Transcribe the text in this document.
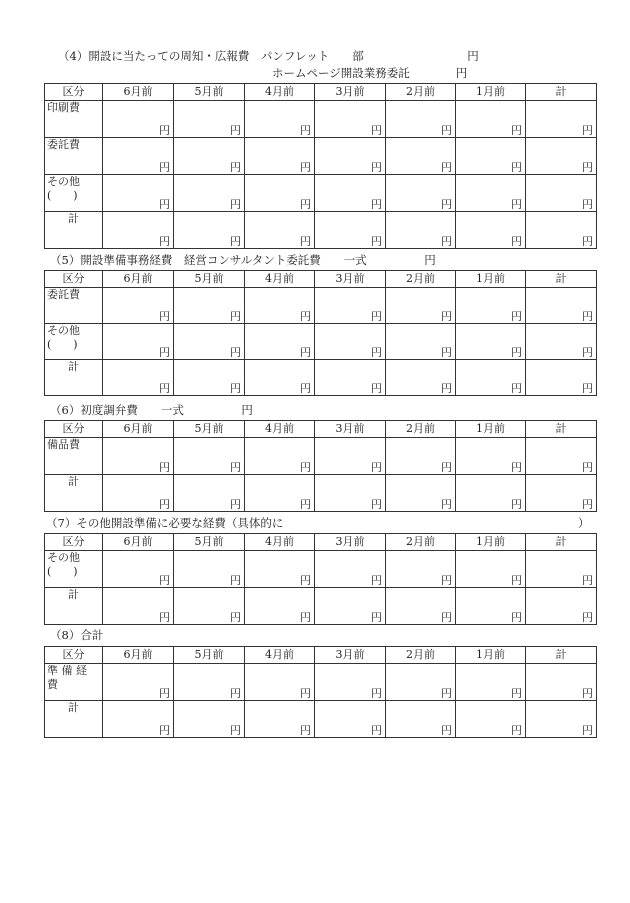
（4）開設に当たっての周知・広報費　パンフレット　　部　　　　　　　　　円
ホームページ開設業務委託　　　　円
区分	6月前	5月前	4月前	3月前	2月前	1月前	計
印刷費	円	円	円	円	円	円	円
委託費	円	円	円	円	円	円	円
その他
(　　)	円	円	円	円	円	円	円
計	円	円	円	円	円	円	円
（5）開設準備事務経費　経営コンサルタント委託費　　一式　　　　　円
区分	6月前	5月前	4月前	3月前	2月前	1月前	計
委託費	円	円	円	円	円	円	円
その他
(　　)	円	円	円	円	円	円	円
計	円	円	円	円	円	円	円
（6）初度調弁費　　一式　　　　　円
区分	6月前	5月前	4月前	3月前	2月前	1月前	計
備品費	円	円	円	円	円	円	円
計	円	円	円	円	円	円	円
（7）その他開設準備に必要な経費（具体的に	）
区分	6月前	5月前	4月前	3月前	2月前	1月前	計
その他
(　　)	円	円	円	円	円	円	円
計	円	円	円	円	円	円	円
（8）合計
区分	6月前	5月前	4月前	3月前	2月前	1月前	計
準 備 経
費	円	円	円	円	円	円	円
計	円	円	円	円	円	円	円
